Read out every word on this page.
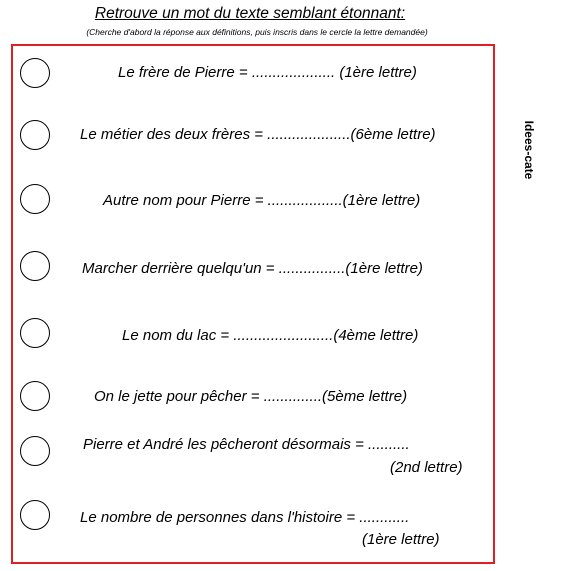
Retrouve un mot du texte semblant étonnant:
(Cherche d'abord la réponse aux définitions, puis inscris dans le cercle la lettre demandée)
Idees-cate
Le frère de Pierre = .................... (1ère lettre)
Le métier des deux frères = ....................(6ème lettre)
Autre nom pour Pierre = ..................(1ère lettre)
Marcher derrière quelqu'un = ................(1ère lettre)
Le nom du lac = ........................(4ème lettre)
On le jette pour pêcher = ..............(5ème lettre)
Pierre et André les pêcheront désormais = ..........
(2nd lettre)
Le nombre de personnes dans l'histoire = ............
(1ère lettre)
